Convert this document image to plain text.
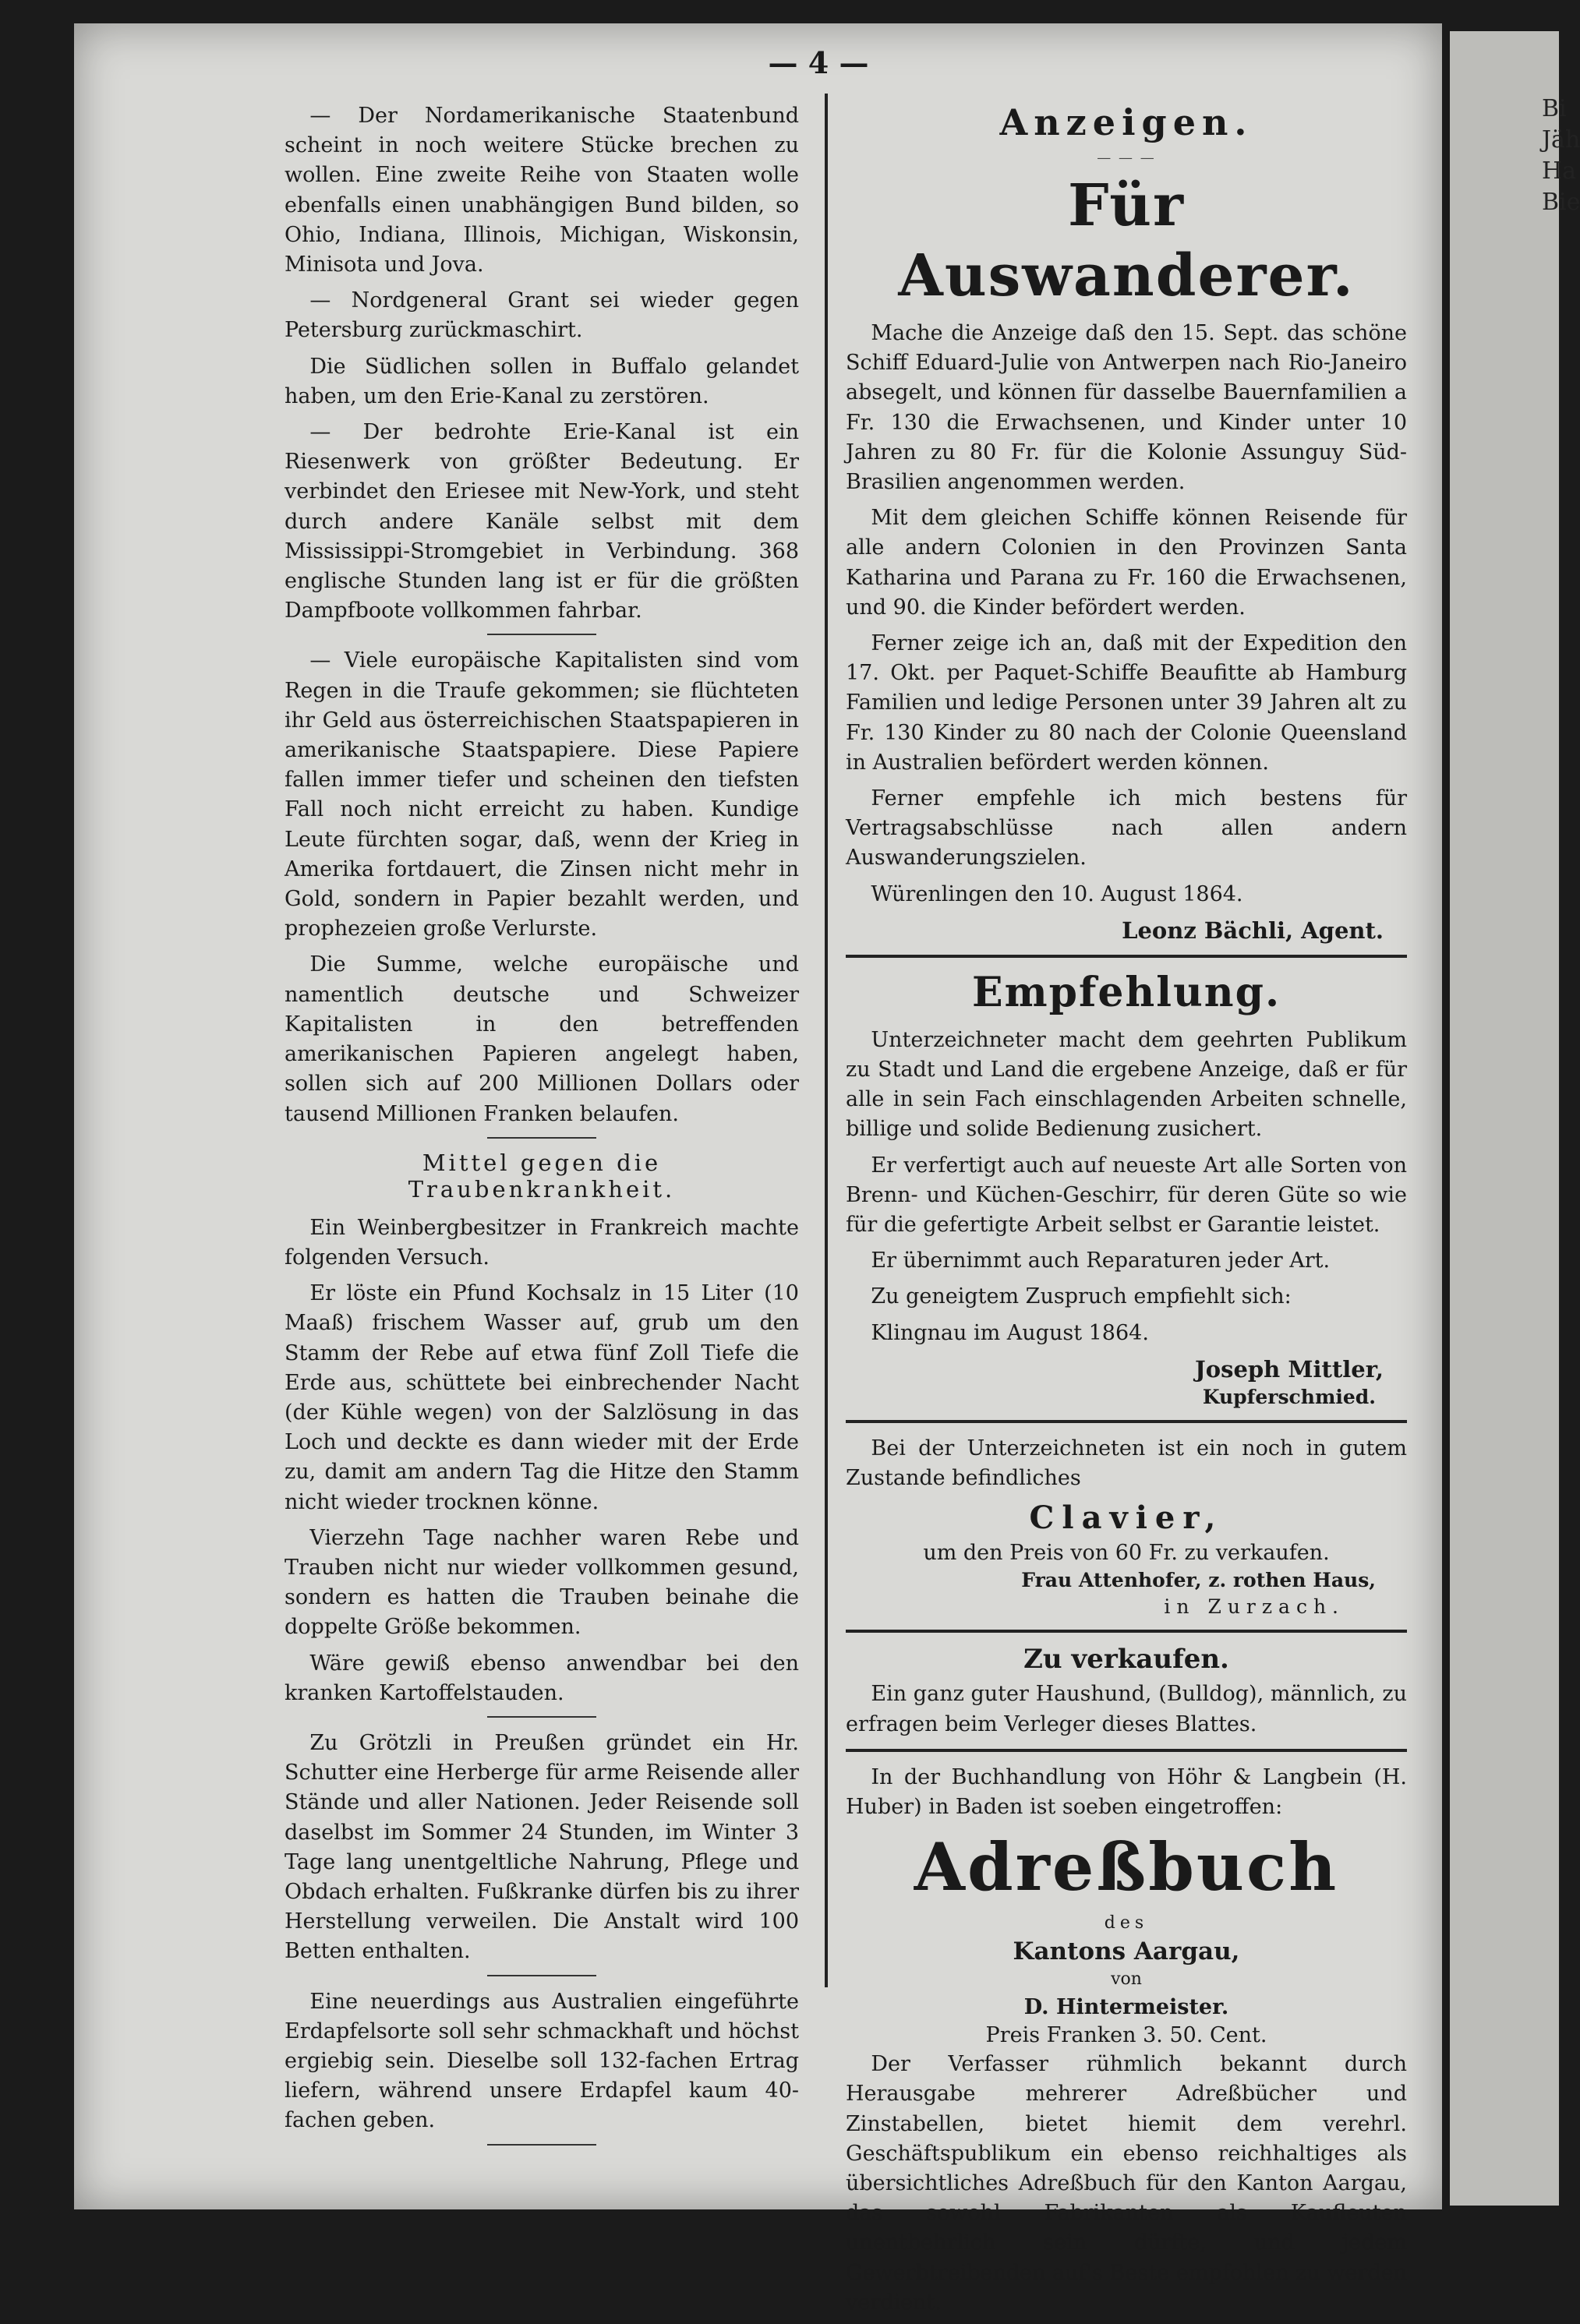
Bi
Jäh
Ha
Bie
— 4 —

— Der Nordamerikanische Staatenbund scheint in noch weitere Stücke brechen zu wollen. Eine zweite Reihe von Staaten wolle ebenfalls einen unabhängigen Bund bilden, so Ohio, Indiana, Illinois, Michigan, Wiskonsin, Minisota und Jova.

— Nordgeneral Grant sei wieder gegen Petersburg zurückmaschirt.

Die Südlichen sollen in Buffalo gelandet haben, um den Erie-Kanal zu zerstören.

— Der bedrohte Erie-Kanal ist ein Riesenwerk von größter Bedeutung. Er verbindet den Eriesee mit New-York, und steht durch andere Kanäle selbst mit dem Mississippi-Stromgebiet in Verbindung. 368 englische Stunden lang ist er für die größten Dampfboote vollkommen fahrbar.

— Viele europäische Kapitalisten sind vom Regen in die Traufe gekommen; sie flüchteten ihr Geld aus österreichischen Staatspapieren in amerikanische Staatspapiere. Diese Papiere fallen immer tiefer und scheinen den tiefsten Fall noch nicht erreicht zu haben. Kundige Leute fürchten sogar, daß, wenn der Krieg in Amerika fortdauert, die Zinsen nicht mehr in Gold, sondern in Papier bezahlt werden, und prophezeien große Verlurste.

Die Summe, welche europäische und namentlich deutsche und Schweizer Kapitalisten in den betreffenden amerikanischen Papieren angelegt haben, sollen sich auf 200 Millionen Dollars oder tausend Millionen Franken belaufen.

Mittel gegen die Traubenkrankheit.

Ein Weinbergbesitzer in Frankreich machte folgenden Versuch.

Er löste ein Pfund Kochsalz in 15 Liter (10 Maaß) frischem Wasser auf, grub um den Stamm der Rebe auf etwa fünf Zoll Tiefe die Erde aus, schüttete bei einbrechender Nacht (der Kühle wegen) von der Salzlösung in das Loch und deckte es dann wieder mit der Erde zu, damit am andern Tag die Hitze den Stamm nicht wieder trocknen könne.

Vierzehn Tage nachher waren Rebe und Trauben nicht nur wieder vollkommen gesund, sondern es hatten die Trauben beinahe die doppelte Größe bekommen.

Wäre gewiß ebenso anwendbar bei den kranken Kartoffelstauden.

Zu Grötzli in Preußen gründet ein Hr. Schutter eine Herberge für arme Reisende aller Stände und aller Nationen. Jeder Reisende soll daselbst im Sommer 24 Stunden, im Winter 3 Tage lang unentgeltliche Nahrung, Pflege und Obdach erhalten. Fußkranke dürfen bis zu ihrer Herstellung verweilen. Die Anstalt wird 100 Betten enthalten.

Eine neuerdings aus Australien eingeführte Erdapfelsorte soll sehr schmackhaft und höchst ergiebig sein. Dieselbe soll 132-fachen Ertrag liefern, während unsere Erdapfel kaum 40-fachen geben.

Anzeigen.
— — —
Für Auswanderer.

Mache die Anzeige daß den 15. Sept. das schöne Schiff Eduard-Julie von Antwerpen nach Rio-Janeiro absegelt, und können für dasselbe Bauernfamilien a Fr. 130 die Erwachsenen, und Kinder unter 10 Jahren zu 80 Fr. für die Kolonie Assunguy Süd-Brasilien angenommen werden.

Mit dem gleichen Schiffe können Reisende für alle andern Colonien in den Provinzen Santa Katharina und Parana zu Fr. 160 die Erwachsenen, und 90. die Kinder befördert werden.

Ferner zeige ich an, daß mit der Expedition den 17. Okt. per Paquet-Schiffe Beaufitte ab Hamburg Familien und ledige Personen unter 39 Jahren alt zu Fr. 130 Kinder zu 80 nach der Colonie Queensland in Australien befördert werden können.

Ferner empfehle ich mich bestens für Vertragsabschlüsse nach allen andern Auswanderungszielen.

Würenlingen den 10. August 1864.

Leonz Bächli, Agent.
Empfehlung.

Unterzeichneter macht dem geehrten Publikum zu Stadt und Land die ergebene Anzeige, daß er für alle in sein Fach einschlagenden Arbeiten schnelle, billige und solide Bedienung zusichert.

Er verfertigt auch auf neueste Art alle Sorten von Brenn- und Küchen-Geschirr, für deren Güte so wie für die gefertigte Arbeit selbst er Garantie leistet.

Er übernimmt auch Reparaturen jeder Art.

Zu geneigtem Zuspruch empfiehlt sich:

Klingnau im August 1864.

Joseph Mittler,
Kupferschmied.

Bei der Unterzeichneten ist ein noch in gutem Zustande befindliches

Clavier,
um den Preis von 60 Fr. zu verkaufen.
Frau Attenhofer, z. rothen Haus,
in Zurzach.
Zu verkaufen.

Ein ganz guter Haushund, (Bulldog), männlich, zu erfragen beim Verleger dieses Blattes.

In der Buchhandlung von Höhr & Langbein (H. Huber) in Baden ist soeben eingetroffen:

Adreßbuch
des
Kantons Aargau,
von
D. Hintermeister.
Preis Franken 3. 50. Cent.

Der Verfasser rühmlich bekannt durch Herausgabe mehrerer Adreßbücher und Zinstabellen, bietet hiemit dem verehrl. Geschäftspublikum ein ebenso reichhaltiges als übersichtliches Adreßbuch für den Kanton Aargau, das sowohl Fabrikanten als Kaufleuten unentbehrlich sein dürfte, und jedem Gewerbtreibenden auf's Beste empfohlen zu werden verdient.
